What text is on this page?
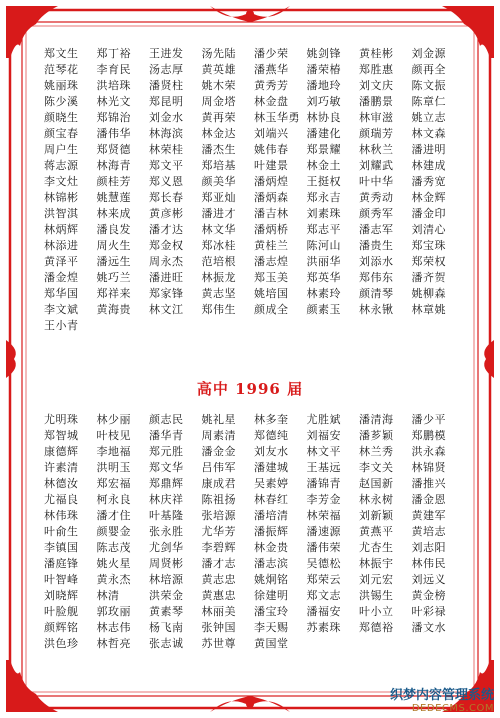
郑文生	郑丁裕	王进发	汤先陆	潘少荣	姚剑锋	黄桂彬	刘金源
范琴花	李育民	汤志厚	黄英雄	潘燕华	潘荣椿	郑胜惠	颜再全
姚丽珠	洪培珠	潘贤柱	姚木荣	黄秀芳	潘地玲	刘文庆	陈文振
陈少溪	林光文	郑昆明	周金塔	林金盘	刘巧敏	潘鹏景	陈章仁
颜晓生	郑锦治	刘金水	黄再荣	林玉华勇 林协良	林审滋	姚立志
颜宝春	潘伟华	林海滨	林金达	刘端兴	潘建化	颜瑞芳	林文森
周户生	郑贤德	林荣桂	潘杰生	姚伟春	郑景耀	林秋兰	潘进明
蒋志源	林海青	郑文平	郑培基	叶建景	林金土	刘耀武	林建成
李文灶	颜桂芳	郑义恩	颜美华	潘炳煌	王挺权	叶中华	潘秀宽
林锦彬	姚慧莲	郑长春	郑亚灿	潘炳森	郑永吉	黄秀动	林金辉
洪智淇	林来成	黄彦彬	潘进才	潘吉林	刘素珠	颜秀军	潘金印
林炳辉	潘良发	潘才达	林文华	潘炳桥	郑志平	潘志军	刘清心
林添进	周火生	郑金权	郑冰桂	黄桂兰	陈河山	潘贵生	郑宝珠
黄泽平	潘远生	周永杰	范培根	潘志煌	洪丽华	刘添水	郑荣权
潘金煌	姚巧兰	潘进旺	林振龙	郑玉美	郑英华	郑伟东	潘齐贺
郑华国	郑祥来	郑家锋	黄志坚	姚培国	林素玲	颜清琴	姚柳森
李文斌	黄海贵	林文江	郑伟生	颜成全	颜素玉	林永锹	林章姚
王小青
高中 1996 届
尤明珠	林少丽	颜志民	姚礼星	林多奎	尤胜斌	潘清海	潘少平
郑智城	叶枝见	潘华青	周素清	郑德纯	刘福安	潘芗颖	郑鹏模
康德辉	李地福	郑元胜	潘金金	刘友水	林文平	林兰秀	洪永森
许素清	洪明玉	郑文华	吕伟军	潘建城	王基远	李文关	林锦贤
林德汝	郑宏福	郑鼎辉	康成君	吴素婷	潘锦青	赵国新	潘推兴
尤福良	柯永良	林庆祥	陈祖扬	林春红	李芳金	林永树	潘金恩
林伟珠	潘才住	叶基隆	张培源	潘培清	林荣福	刘新颖	黄建军
叶俞生	颜婴金	张永胜	尤华芳	潘振辉	潘速源	黄燕平	黄培志
李镇国	陈志茂	尤剑华	李碧辉	林金贵	潘伟荣	尤杏生	刘志阳
潘庭锋	姚火星	周贤彬	潘才志	潘志滨	吴德松	林振宇	林伟民
叶智峰	黄永杰	林培源	黄志忠	姚炯铭	郑荣云	刘元宏	刘远义
刘晓辉	林清	洪荣金	黄惠忠	徐建明	郑文志	洪锡生	黄金榜
叶脸舰	郭玫丽	黄素琴	林丽美	潘宝玲	潘福安	叶小立	叶彩禄
颜辉铭	林志伟	杨飞南	张钟国	李天赐	苏素珠	郑德裕	潘文水
洪色珍	林哲亮	张志诚	苏世尊	黄国堂
织梦内容管理系统
DEDECMS.COM
